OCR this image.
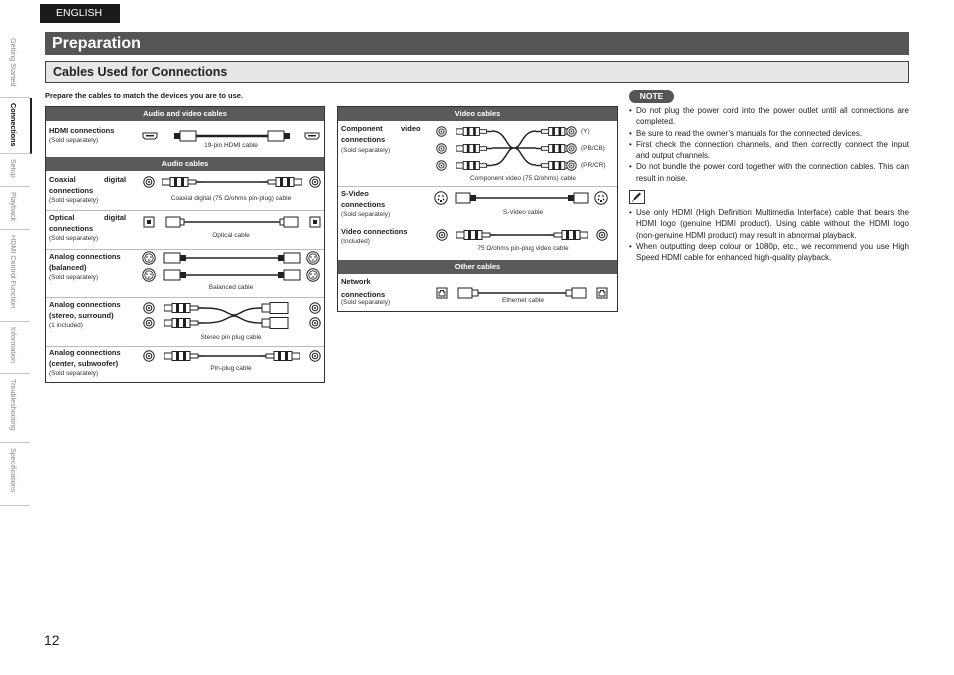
ENGLISH
Getting Started
Connections
Setup
Playback
HDMI Control Function
Information
Troubleshooting
Specifications
Preparation
Cables Used for Connections
Prepare the cables to match the devices you are to use.
Audio and video cables
HDMI connections
(Sold separately)
19-pin HDMI cable
Audio cables
Coaxial	digital
connections
(Sold separately)	Coaxial digital (75 Ω/ohms pin-plug) cable
Optical	digital
connections
(Sold separately)	Optical cable
Analog connections (balanced)
(Sold separately)
Balanced cable
Analog connections (stereo, surround)
(1 included)
Stereo pin plug cable
Analog connections (center, subwoofer)
(Sold separately)
Pin-plug cable
Video cables
Component video
connections
(Sold separately)
(Y)
(PB/CB)
(PR/CR)
Component video (75 Ω/ohms) cable
S-Video connections
(Sold separately)	S-Video cable
Video connections
(Included)
75 Ω/ohms pin-plug video cable
Other cables
Network connections
(Sold separately)	Ethernet cable
NOTE
• Do not plug the power cord into the power outlet until all connections are completed.
• Be sure to read the owner’s manuals for the connected devices.
• First check the connection channels, and then correctly connect the input and output channels.
• Do not bundle the power cord together with the connection cables. This can result in noise.
• Use only HDMI (High Definition Multimedia Interface) cable that bears the HDMI logo (genuine HDMI product). Using cable without the HDMI logo (non-genuine HDMI product) may result in abnormal playback.
• When outputting deep colour or 1080p, etc., we recommend you use High Speed HDMI cable for enhanced high-quality playback.
12
